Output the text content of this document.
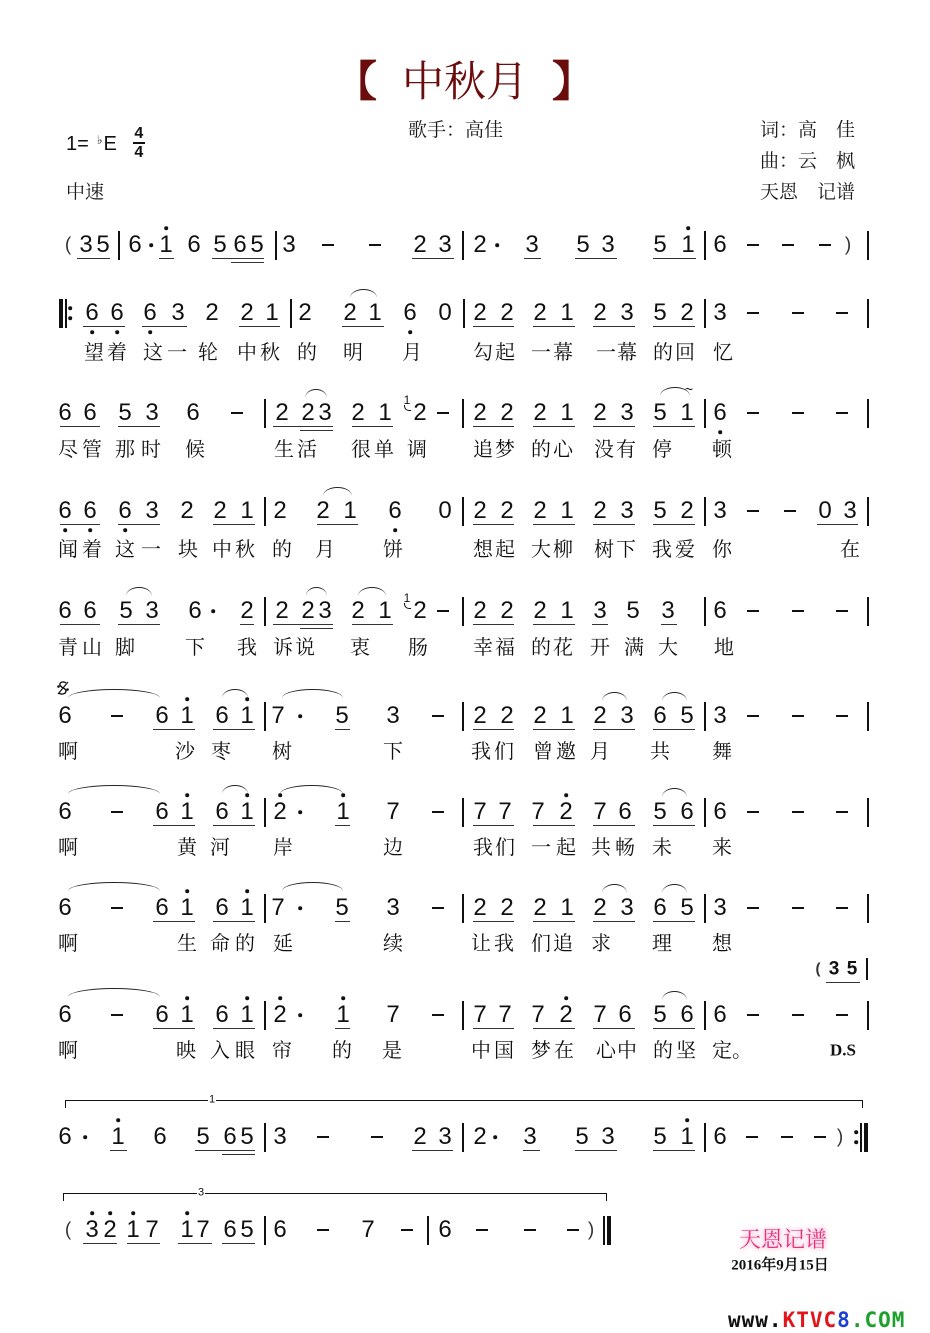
【 中秋月 】
1= ♭ E $\frac{4}{4}$	歌手：高佳
中速
词：高　佳
曲：云　枫
天恩　记谱
D.S
( 3 5 6 1 6 5 6 5 3	2 3 2 3 5 3 5 1 6	)
6 6 6 3 2 2 1 2 2 1 6 0 2 2 2 1 2 3 5 2 3
望 着 这 一 轮 中 秋 的 明 月	勾 起 一 幕 一 幕 的 回 忆
6 6 5 3 6	2 2 3 2 1 2 2 2 2 1 2 3 5 1 6
1
~
尽 管 那 时 候	生 活 很 单 调 追 梦 的 心 没 有 停 顿
6 6 6 3 2 2 1 2 2 1 6 0 2 2 2 1 2 3 5 2 3	0 3
闻 着 这 一 块 中 秋 的 月 饼	想 起 大 柳 树 下 我 爱 你	在
6 6 5 3 6 2 2 2 3 2 1 2 2 2 2 1 3 5 3 6
1
青 山 脚	下 我 诉 说 衷 肠 幸 福 的 花 开 满 大 地
6	6 1 6 1 7 5 3	2 2 2 1 2 3 6 5 3
啊	沙 枣 树	下	我 们 曾 邀 月 共 舞
6	6 1 6 1 2 1 7	7 7 7 2 7 6 5 6 6
啊	黄 河 岸	边	我 们 一 起 共 畅 未 来
6	6 1 6 1 7 5 3	2 2 2 1 2 3 6 5 3
啊	生 命 的 延	续	让 我 们 追 求 理 想
( 3 5
6	6 1 6 1 2 1 7	7 7 7 2 7 6 5 6 6
啊	映 入 眼 帘 的 是	中 国 梦 在 心 中 的 坚 定 。
6 1 6 5 6 5 3	2 3 2 3 5 3 5 1 6	)
( 3 2 1 7 1 7 6 5 6	7	6	)
1
3
天恩记谱
2016年9月15日
www.KTVC8.COM
